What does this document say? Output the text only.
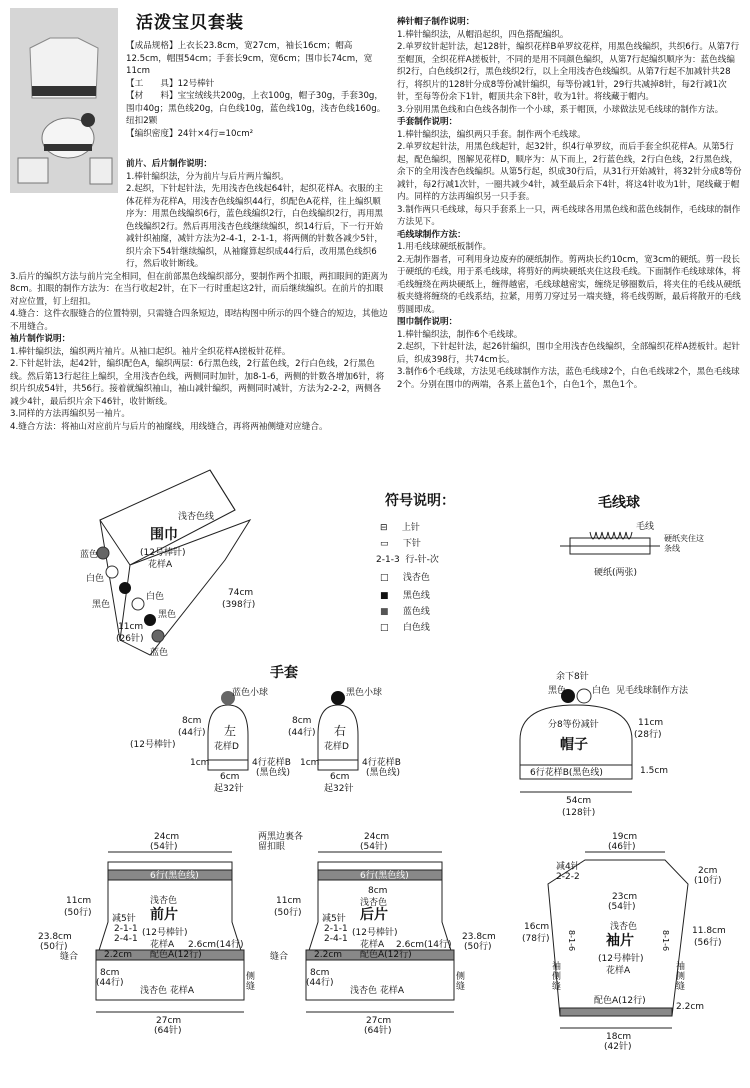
活泼宝贝套装

【成品规格】上衣长23.8cm，宽27cm，袖长16cm；帽高12.5cm，帽围54cm；手套长9cm，宽6cm；围巾长74cm，宽11cm

【工　　具】12号棒针

【材　　料】宝宝绒线共200g，上衣100g，帽子30g，手套30g，围巾40g；黑色线20g，白色线10g，蓝色线10g，浅杏色线160g。纽扣2颗

【编织密度】24针×4行=10cm²

前片、后片制作说明：

1.棒针编织法，分为前片与后片两片编织。

2.起织，下针起针法，先用浅杏色线起64针，起织花样A。衣服的主体花样为花样A，用浅杏色线编织44行，织配色A花样，往上编织顺序为：用黑色线编织6行，蓝色线编织2行，白色线编织2行，再用黑色线编织2行。然后再用浅杏色线继续编织，织14行后，下一行开始减针织袖窿，减针方法为2-4-1，2-1-1，将两侧的针数各减少5针，织片余下54针继续编织，从袖窿算起织成44行后，改用黑色线织6行，然后收针断线。

3.后片的编织方法与前片完全相同，但在前部黑色线编织部分，要制作两个扣眼，两扣眼间的距离为8cm。扣眼的制作方法为：在当行收起2针，在下一行时重起这2针，而后继续编织。在前片的扣眼对应位置，钉上纽扣。

4.缝合：这件衣服缝合的位置特别，只需缝合四条短边，即结构图中所示的四个缝合的短边，其他边不用缝合。

袖片制作说明：

1.棒针编织法，编织两片袖片。从袖口起织。袖片全织花样A搓板针花样。

2.下针起针法，起42针，编织配色A，编织两层：6行黑色线，2行蓝色线，2行白色线，2行黑色线。然后第13行起往上编织，全用浅杏色线，两侧同时加针，加8-1-6，两侧的针数各增加6针，将织片织成54针，共56行。接着就编织袖山，袖山减针编织，两侧同时减针，方法为2-2-2，两侧各减少4针，最后织片余下46针，收针断线。

3.同样的方法再编织另一袖片。

4.缝合方法：将袖山对应前片与后片的袖窿线，用线缝合，再将两袖侧缝对应缝合。

棒针帽子制作说明：

1.棒针编织法，从帽沿起织，四色搭配编织。

2.单罗纹针起针法，起128针，编织花样B单罗纹花样，用黑色线编织，共织6行。从第7行至帽顶，全织花样A搓板针，不同的是用不同颜色编织，从第7行起编织顺序为：蓝色线编织2行，白色线织2行，黑色线织2行，以上全用浅杏色线编织。从第7行起不加减针共28行，将织片的128针分成8等份减针编织，每等份减1针，29行共减掉8针，每2行减1次针，至每等份余下1针，帽顶共余下8针，收为1针。将线藏于帽内。

3.分别用黑色线和白色线各制作一个小球，系于帽顶，小球做法见毛线球的制作方法。

手套制作说明：

1.棒针编织法，编织两只手套。制作两个毛线球。

2.单罗纹起针法，用黑色线起针，起32针，织4行单罗纹，而后手套全织花样A。从第5行起，配色编织，图解见花样D，顺序为：从下而上，2行蓝色线，2行白色线，2行黑色线，余下的全用浅杏色线编织。从第5行起，织成30行后，从31行开始减针，将32针分成8等份减针，每2行减1次针，一圈共减少4针，减至最后余下4针，将这4针收为1针，尾线藏于帽内。同样的方法再编织另一只手套。

3.制作两只毛线球，每只手套系上一只，两毛线球各用黑色线和蓝色线制作，毛线球的制作方法见下。

毛线球制作方法：

1.用毛线球硬纸板制作。

2.无制作器者，可利用身边废弃的硬纸制作。剪两块长约10cm，宽3cm的硬纸。剪一段长于硬纸的毛线，用于系毛线球，将剪好的两块硬纸夹住这段毛线。下面制作毛线球球体，将毛线缠绕在两块硬纸上，缠得越密，毛线球越密实，缠绕足够圈数后，将夹住的毛线从硬纸板夹缝将缠绕的毛线系结，拉紧，用剪刀穿过另一端夹缝，将毛线剪断，最后将散开的毛线剪圆即成。

围巾制作说明：

1.棒针编织法，制作6个毛线球。

2.起织，下针起针法，起26针编织，围巾全用浅杏色线编织，全部编织花样A搓板针。起针后，织成398行，共74cm长。

3.制作6个毛线球，方法见毛线球制作方法，蓝色毛线球2个，白色毛线球2个，黑色毛线球2个。分别在围巾的两端，各系上蓝色1个，白色1个，黑色1个。

浅杏色线
围巾
(12号棒针)
花样A
蓝色
白色
黑色
白色
黑色
蓝色
74cm
(398行)
11cm
(26针)
符号说明：
⊟ 上针
▭ 下针
2-1-3 行-针-次
□ 浅杏色
■ 黑色线
■ 蓝色线
□ 白色线
毛线球
毛线
硬纸夹住这条线
硬纸(两张)
手套
(12号棒针)
蓝色小球
左
花样D
8cm
(44行)
1cm	4行花样B
(黑色线)
6cm
起32针
黑色小球
右
花样D
8cm
(44行)
1cm	4行花样B
(黑色线)
6cm
起32针
余下8针
黑色	白色 见毛线球制作方法
分8等份减针
帽子
11cm
(28行)
6行花样B(黑色线)	1.5cm
54cm
(128针)
24cm
(54针)
6行(黑色线)
浅杏色
前片
(12号棒针)
花样A
11cm
(50行)
减5针
2-1-1
2-4-1
2.6cm(14行)
23.8cm
(50行)
缝合	2.2cm 配色A(12行)
8cm
(44行)
浅杏色 花样A
侧缝
27cm
(64针)
两黑边裏各留扣眼
24cm
(54针)
6行(黑色线)
8cm
浅杏色
后片
(12号棒针)
花样A
11cm
(50行)
减5针
2-1-1
2-4-1
2.6cm(14行)
23.8cm
(50行)
缝合	2.2cm 配色A(12行)
8cm
(44行)
浅杏色 花样A
侧缝
27cm
(64针)
19cm
(46针)
减4针
2-2-2
2cm
(10行)
23cm
(54针)
浅杏色
袖片
(12号棒针)
花样A
16cm
(78行)
11.8cm
(56行)
8-1-6	8-1-6
袖侧缝
袖侧缝
配色A(12行)
2.2cm
18cm
(42针)
